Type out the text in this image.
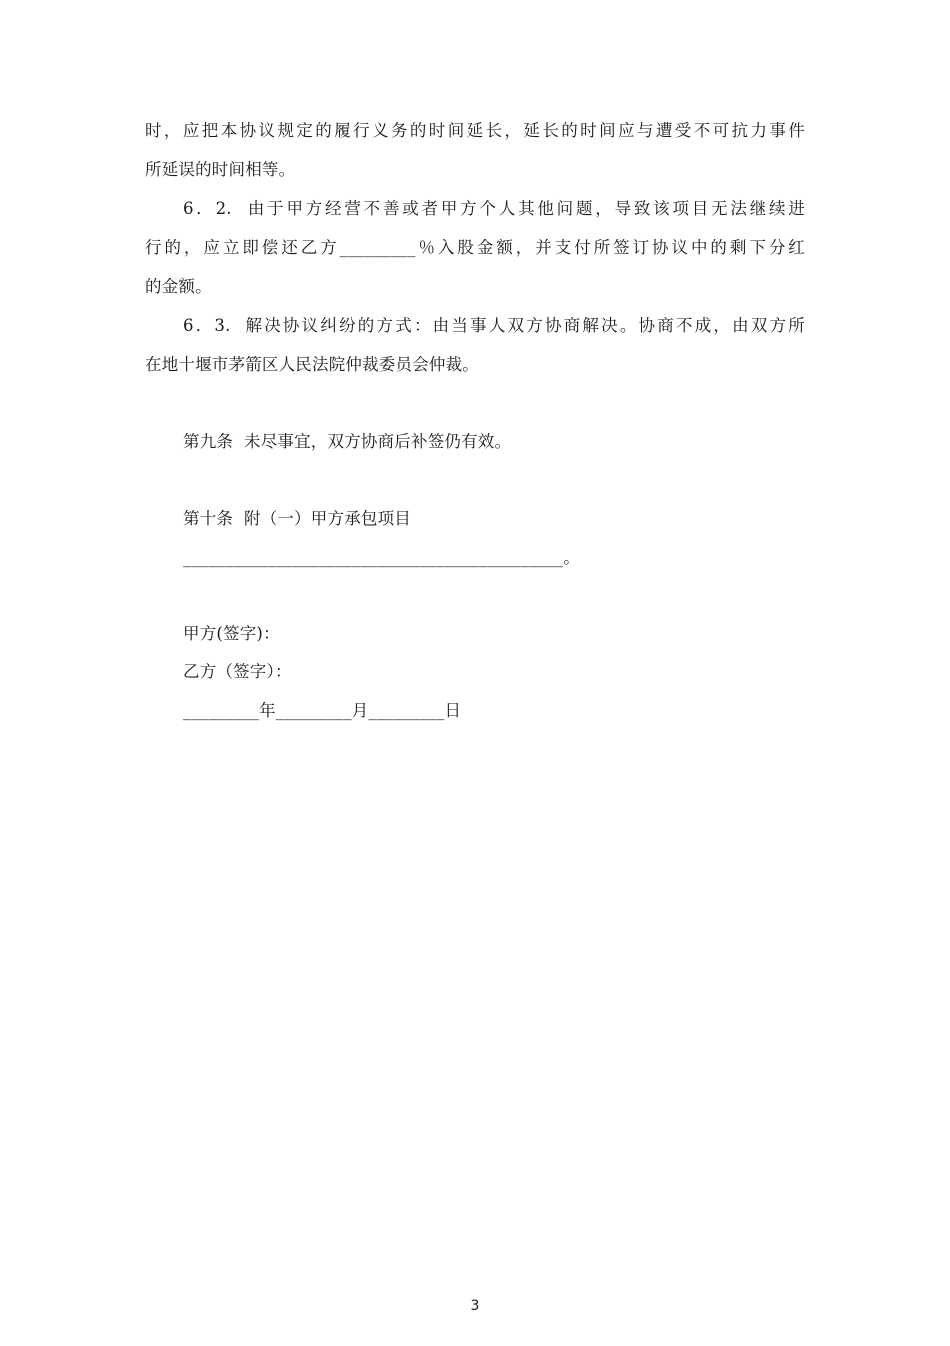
时，应把本协议规定的履行义务的时间延长，延长的时间应与遭受不可抗力事件
所延误的时间相等。
6．2.  由于甲方经营不善或者甲方个人其他问题，导致该项目无法继续进
行的，应立即偿还乙方_________％入股金额，并支付所签订协议中的剩下分红
的金额。
6．3.  解决协议纠纷的方式：由当事人双方协商解决。协商不成，由双方所
在地十堰市茅箭区人民法院仲裁委员会仲裁。
第九条  未尽事宜，双方协商后补签仍有效。
第十条  附（一）甲方承包项目
_____________________________________________。
甲方(签字)：
乙方（签字）：
_________年_________月_________日
3
